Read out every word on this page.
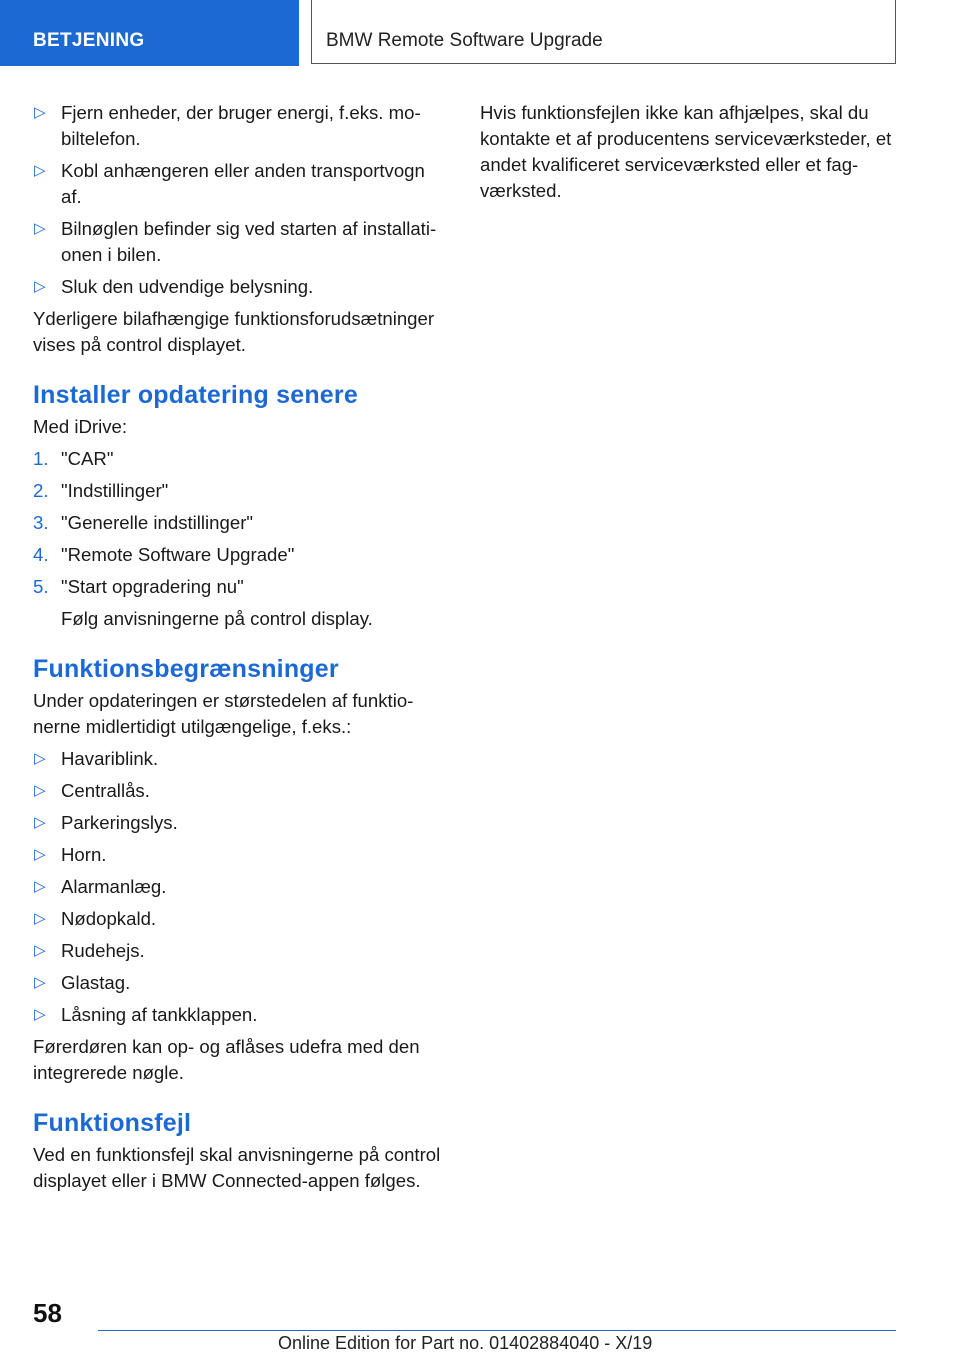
BETJENING	BMW Remote Software Upgrade
▷ Fjern enheder, der bruger energi, f.eks. mobiltelefon.
▷ Kobl anhængeren eller anden transportvogn af.
▷ Bilnøglen befinder sig ved starten af installationen i bilen.
▷ Sluk den udvendige belysning.

Yderligere bilafhængige funktionsforudsætninger vises på control displayet.

Installer opdatering senere

Med iDrive:

1. "CAR"
2. "Indstillinger"
3. "Generelle indstillinger"
4. "Remote Software Upgrade"
5. "Start opgradering nu"
Følg anvisningerne på control display.
Funktionsbegrænsninger

Under opdateringen er størstedelen af funktionerne midlertidigt utilgængelige, f.eks.:

▷ Havariblink.
▷ Centrallås.
▷ Parkeringslys.
▷ Horn.
▷ Alarmanlæg.
▷ Nødopkald.
▷ Rudehejs.
▷ Glastag.
▷ Låsning af tankklappen.

Førerdøren kan op- og aflåses udefra med den integrerede nøgle.

Funktionsfejl

Ved en funktionsfejl skal anvisningerne på control displayet eller i BMW Connected-appen følges.

Hvis funktionsfejlen ikke kan afhjælpes, skal du kontakte et af producentens serviceværksteder, et andet kvalificeret serviceværksted eller et fagværksted.

58
Online Edition for Part no. 01402884040 - X/19
